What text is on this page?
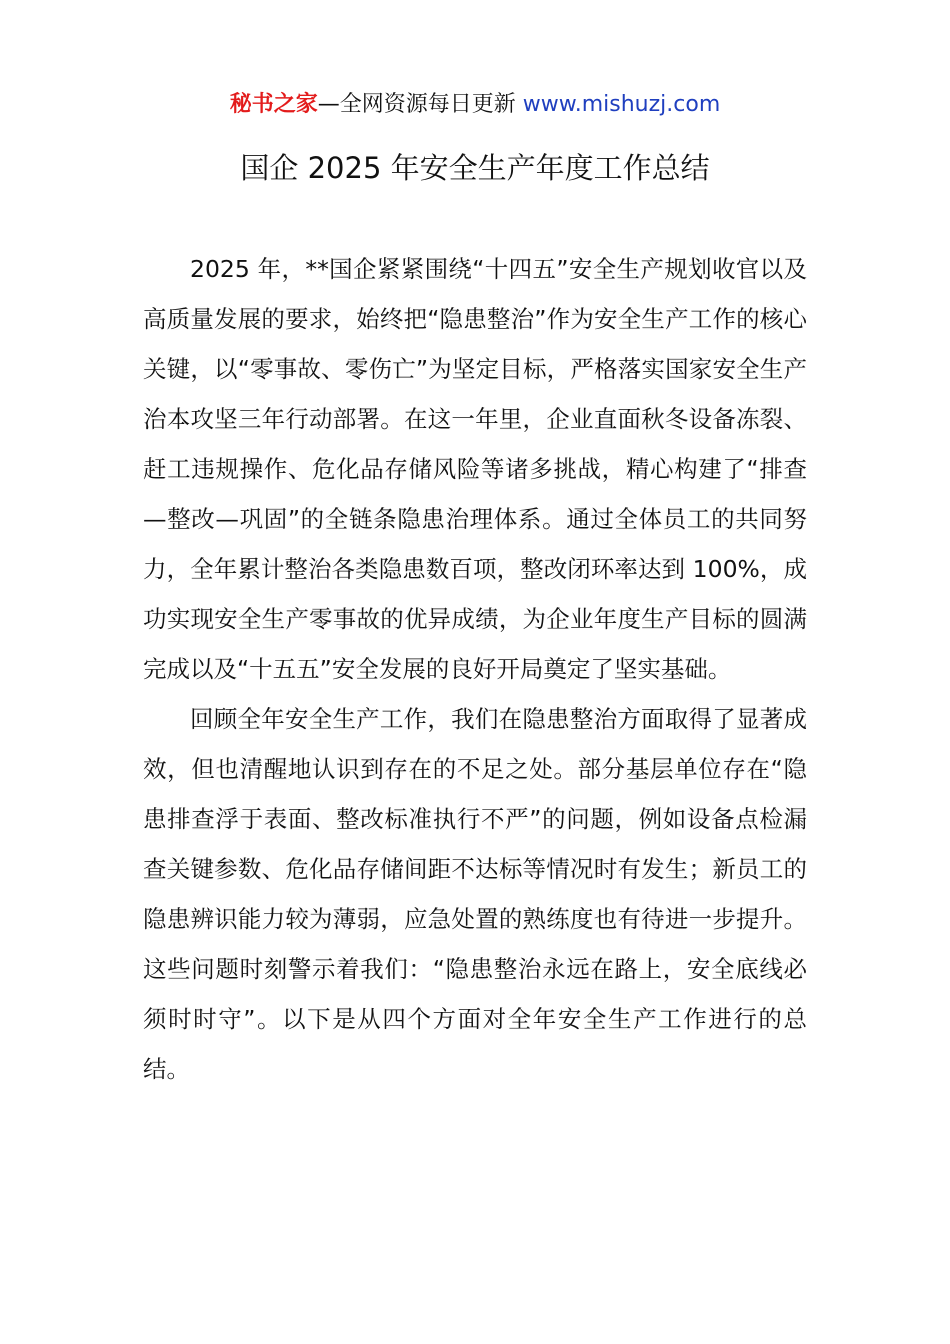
秘书之家—全网资源每日更新 www.mishuzj.com
国企 2025 年安全生产年度工作总结

2025 年，**国企紧紧围绕“十四五”安全生产规划收官以及高质量发展的要求，始终把“隐患整治”作为安全生产工作的核心关键，以“零事故、零伤亡”为坚定目标，严格落实国家安全生产治本攻坚三年行动部署。在这一年里，企业直面秋冬设备冻裂、赶工违规操作、危化品存储风险等诸多挑战，精心构建了“排查—整改—巩固”的全链条隐患治理体系。通过全体员工的共同努力，全年累计整治各类隐患数百项，整改闭环率达到 100%，成功实现安全生产零事故的优异成绩，为企业年度生产目标的圆满完成以及“十五五”安全发展的良好开局奠定了坚实基础。

回顾全年安全生产工作，我们在隐患整治方面取得了显著成效，但也清醒地认识到存在的不足之处。部分基层单位存在“隐患排查浮于表面、整改标准执行不严”的问题，例如设备点检漏查关键参数、危化品存储间距不达标等情况时有发生；新员工的隐患辨识能力较为薄弱，应急处置的熟练度也有待进一步提升。这些问题时刻警示着我们：“隐患整治永远在路上，安全底线必须时时守”。以下是从四个方面对全年安全生产工作进行的总结。
